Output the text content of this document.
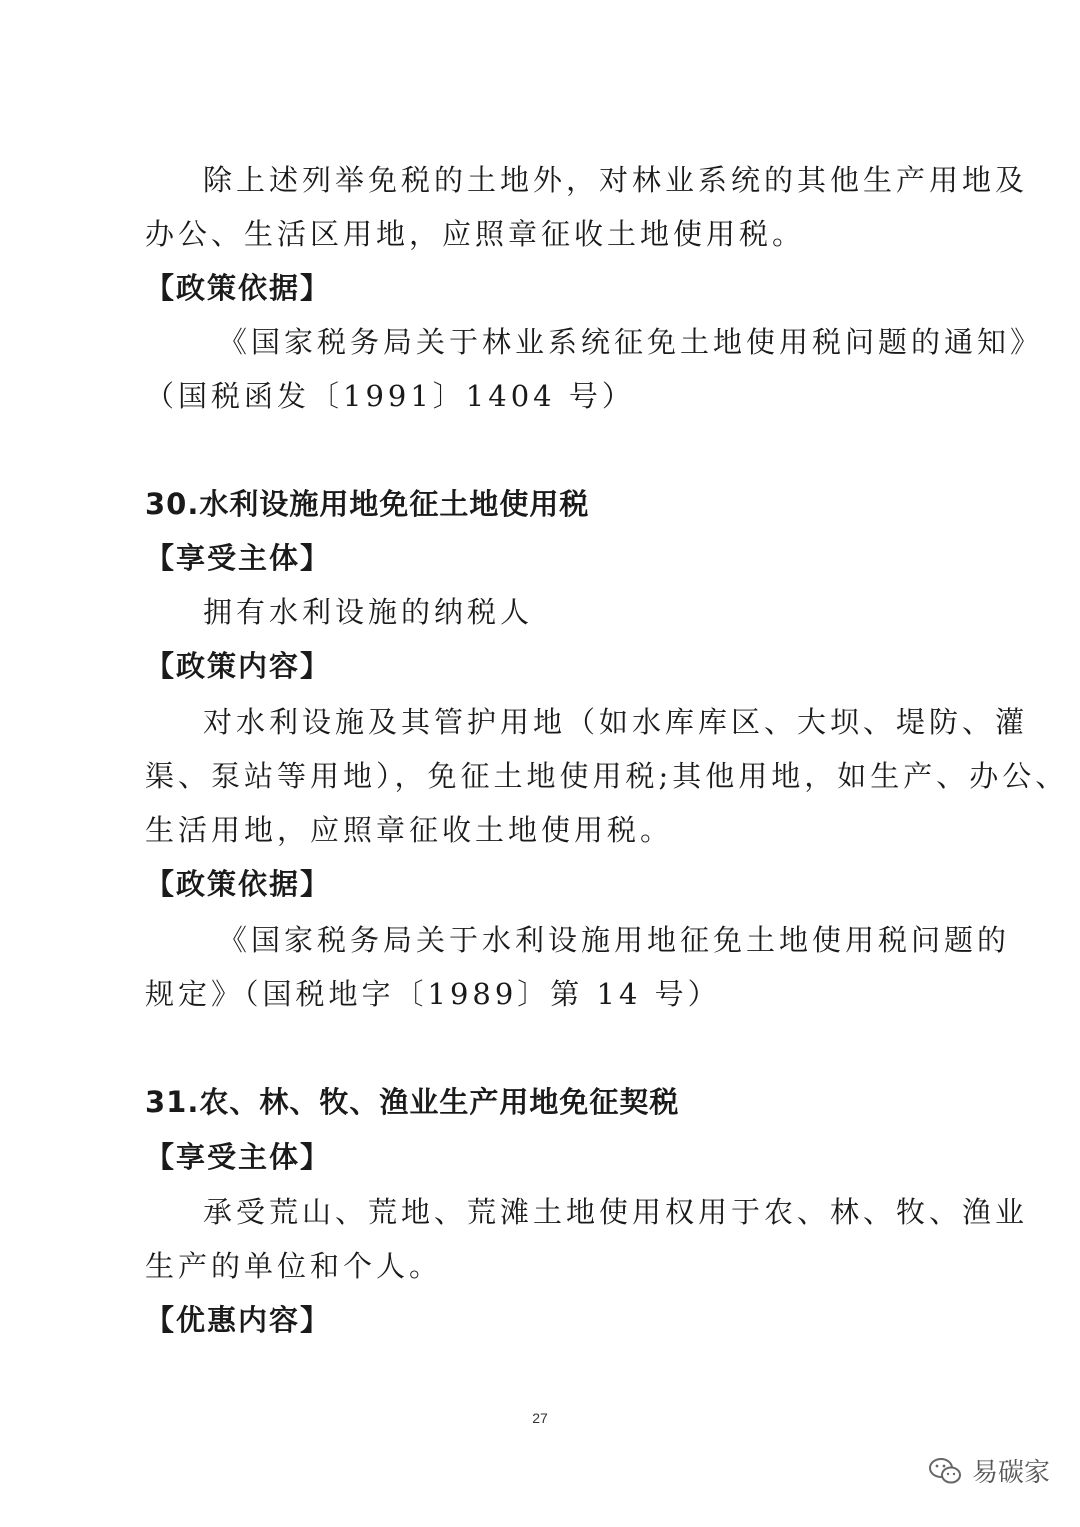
除上述列举免税的土地外，对林业系统的其他生产用地及
办公、生活区用地，应照章征收土地使用税。
【政策依据】
《国家税务局关于林业系统征免土地使用税问题的通知》
（国税函发〔1991〕1404 号）
30.水利设施用地免征土地使用税
【享受主体】
拥有水利设施的纳税人
【政策内容】
对水利设施及其管护用地（如水库库区、大坝、堤防、灌
渠、泵站等用地），免征土地使用税;其他用地，如生产、办公、
生活用地，应照章征收土地使用税。
【政策依据】
《国家税务局关于水利设施用地征免土地使用税问题的
规定》（国税地字〔1989〕第 14 号）
31.农、林、牧、渔业生产用地免征契税
【享受主体】
承受荒山、荒地、荒滩土地使用权用于农、林、牧、渔业
生产的单位和个人。
【优惠内容】
27
易碳家
